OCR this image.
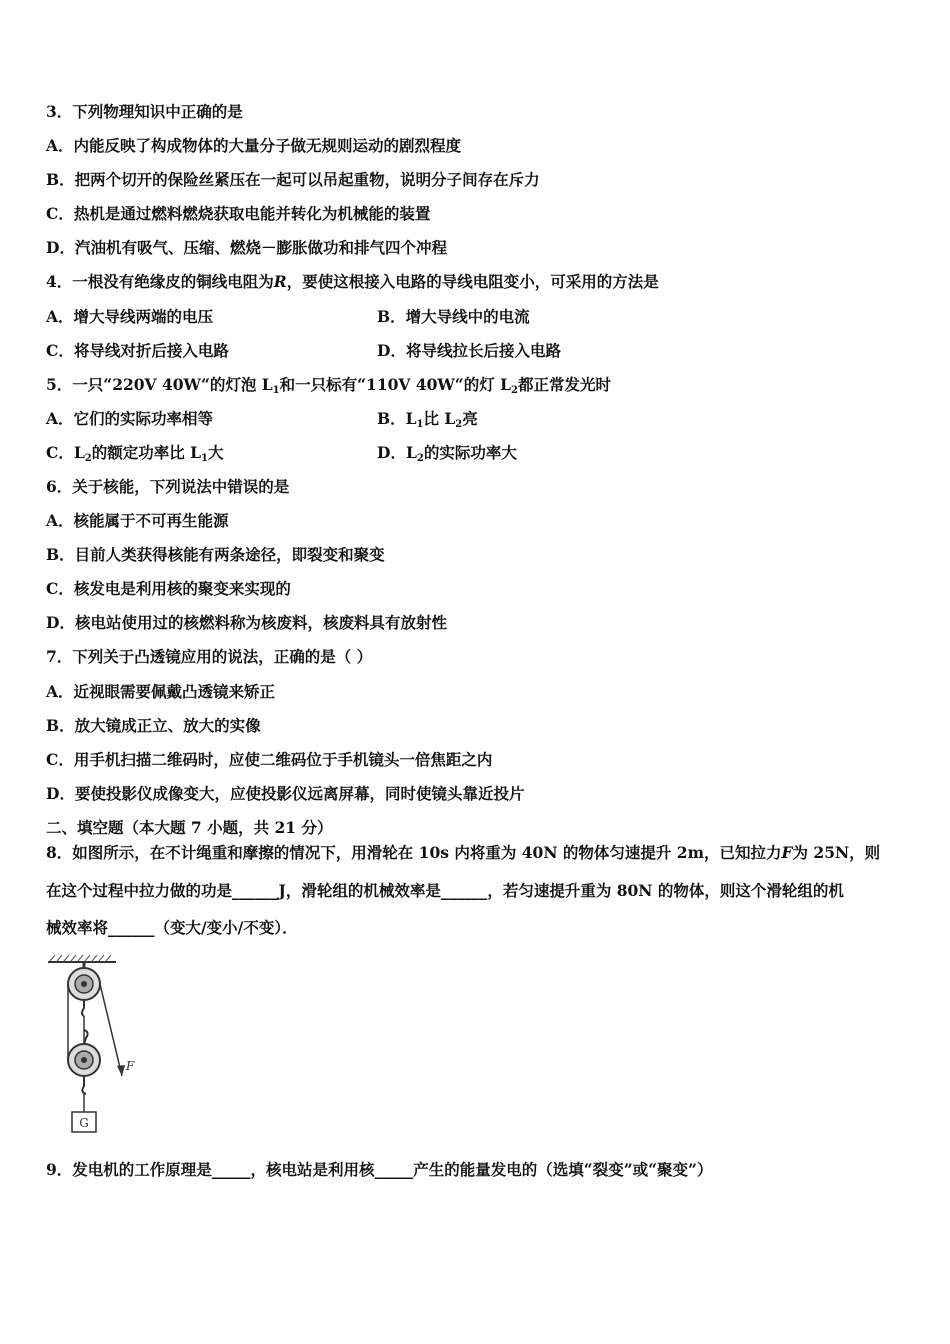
3．下列物理知识中正确的是
A．内能反映了构成物体的大量分子做无规则运动的剧烈程度
B．把两个切开的保险丝紧压在一起可以吊起重物，说明分子间存在斥力
C．热机是通过燃料燃烧获取电能并转化为机械能的装置
D．汽油机有吸气、压缩、燃烧－膨胀做功和排气四个冲程
4．一根没有绝缘皮的铜线电阻为R，要使这根接入电路的导线电阻变小，可采用的方法是
A．增大导线两端的电压	B．增大导线中的电流
C．将导线对折后接入电路	D．将导线拉长后接入电路
5．一只“220V 40W“的灯泡 $L_1$和一只标有“110V 40W“的灯 $L_2$都正常发光时
A．它们的实际功率相等	B．$L_1$比 $L_2$亮
C．$L_2$的额定功率比 $L_1$大	D．$L_2$的实际功率大
6．关于核能，下列说法中错误的是
A．核能属于不可再生能源
B．目前人类获得核能有两条途径，即裂变和聚变
C．核发电是利用核的聚变来实现的
D．核电站使用过的核燃料称为核废料，核废料具有放射性
7．下列关于凸透镜应用的说法，正确的是（ ）
A．近视眼需要佩戴凸透镜来矫正
B．放大镜成正立、放大的实像
C．用手机扫描二维码时，应使二维码位于手机镜头一倍焦距之内
D．要使投影仪成像变大，应使投影仪远离屏幕，同时使镜头靠近投片
二、填空题（本大题 7 小题，共 21 分）
8．如图所示，在不计绳重和摩擦的情况下，用滑轮在 10s 内将重为 40N 的物体匀速提升 2m，已知拉力F为 25N，则
在这个过程中拉力做的功是______J，滑轮组的机械效率是______，若匀速提升重为 80N 的物体，则这个滑轮组的机
械效率将______（变大/变小/不变）．
F
G
9．发电机的工作原理是_____，核电站是利用核_____产生的能量发电的（选填“裂变”或“聚变”）
